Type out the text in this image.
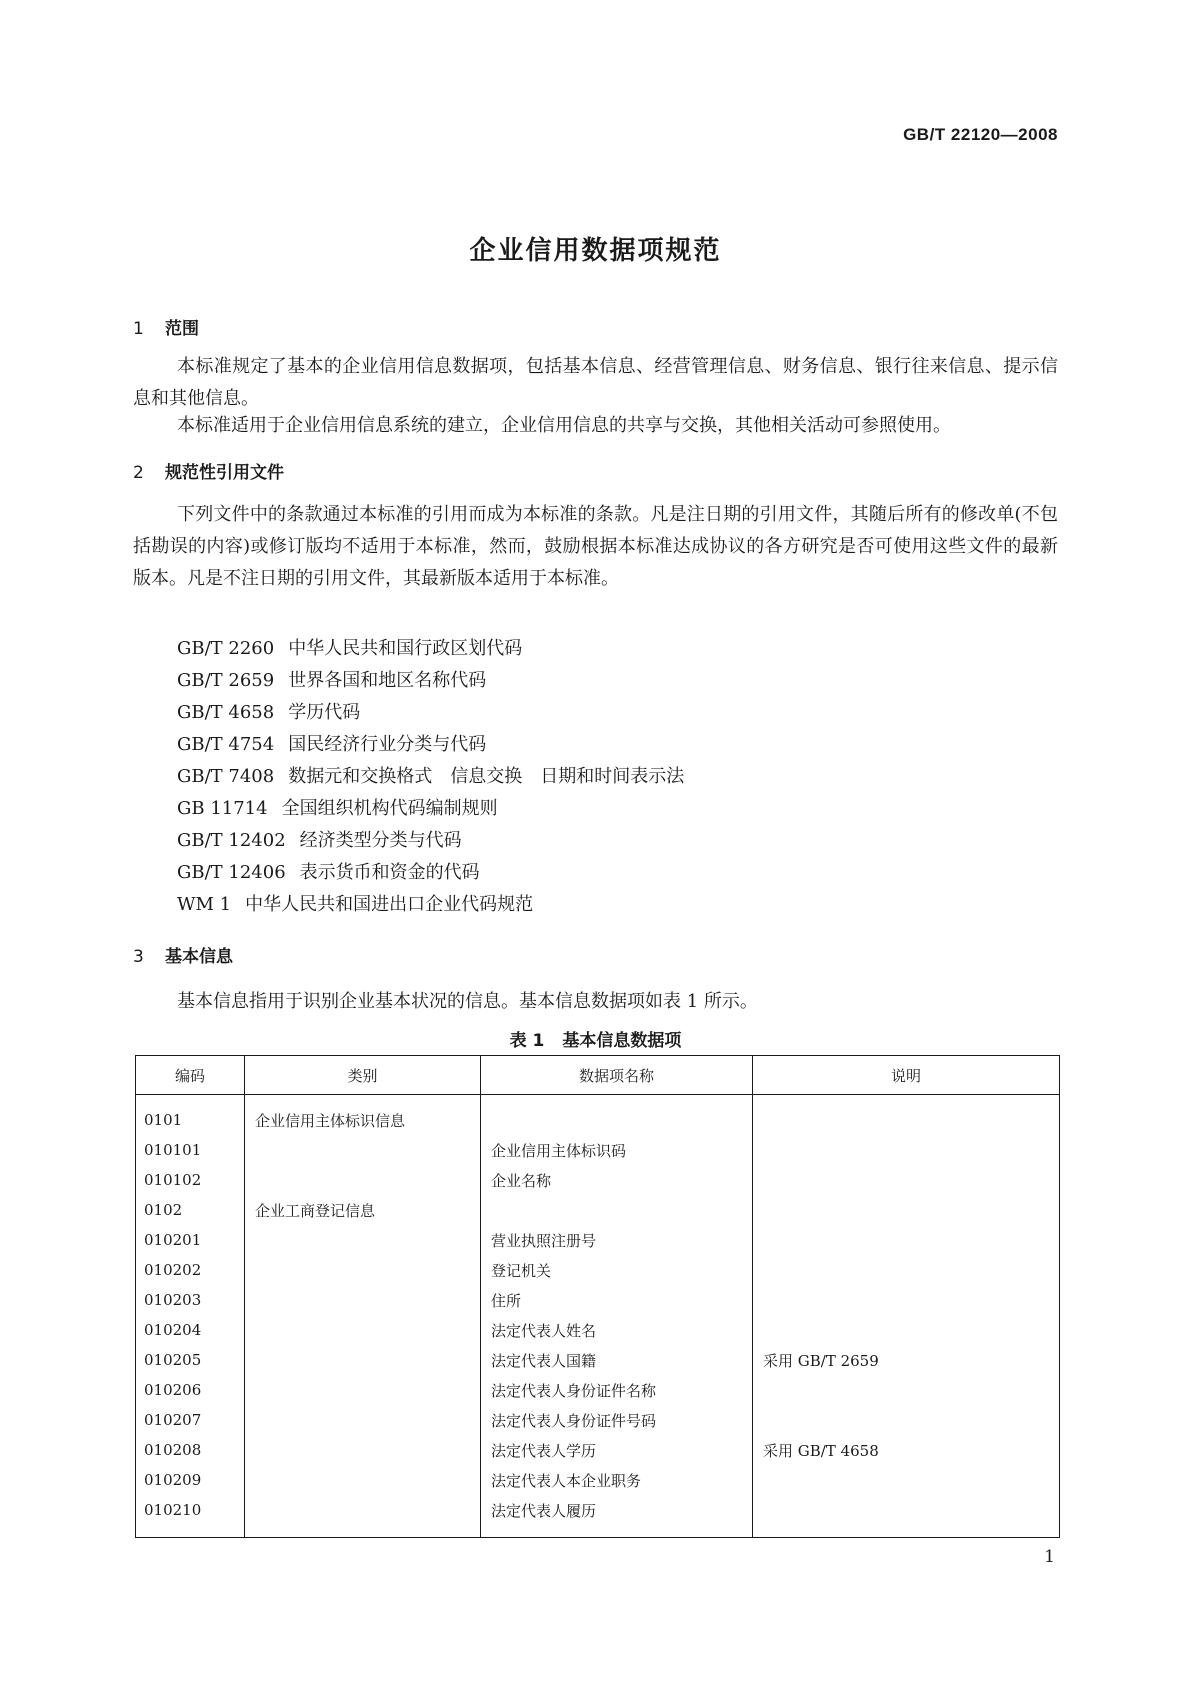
GB/T 22120—2008
企业信用数据项规范
1 范围
本标准规定了基本的企业信用信息数据项，包括基本信息、经营管理信息、财务信息、银行往来信息、提示信息和其他信息。
本标准适用于企业信用信息系统的建立，企业信用信息的共享与交换，其他相关活动可参照使用。
2 规范性引用文件
下列文件中的条款通过本标准的引用而成为本标准的条款。凡是注日期的引用文件，其随后所有的修改单(不包括勘误的内容)或修订版均不适用于本标准，然而，鼓励根据本标准达成协议的各方研究是否可使用这些文件的最新版本。凡是不注日期的引用文件，其最新版本适用于本标准。
GB/T 2260 中华人民共和国行政区划代码
GB/T 2659 世界各国和地区名称代码
GB/T 4658 学历代码
GB/T 4754 国民经济行业分类与代码
GB/T 7408 数据元和交换格式　信息交换　日期和时间表示法
GB 11714 全国组织机构代码编制规则
GB/T 12402 经济类型分类与代码
GB/T 12406 表示货币和资金的代码
WM 1 中华人民共和国进出口企业代码规范
3 基本信息
基本信息指用于识别企业基本状况的信息。基本信息数据项如表 1 所示。
表 1 基本信息数据项
编码	类别	数据项名称	说明
0101	企业信用主体标识信息		
010101		企业信用主体标识码	
010102		企业名称	
0102	企业工商登记信息		
010201		营业执照注册号	
010202		登记机关	
010203		住所	
010204		法定代表人姓名	
010205		法定代表人国籍	采用 GB/T 2659
010206		法定代表人身份证件名称	
010207		法定代表人身份证件号码	
010208		法定代表人学历	采用 GB/T 4658
010209		法定代表人本企业职务	
010210		法定代表人履历	
1
